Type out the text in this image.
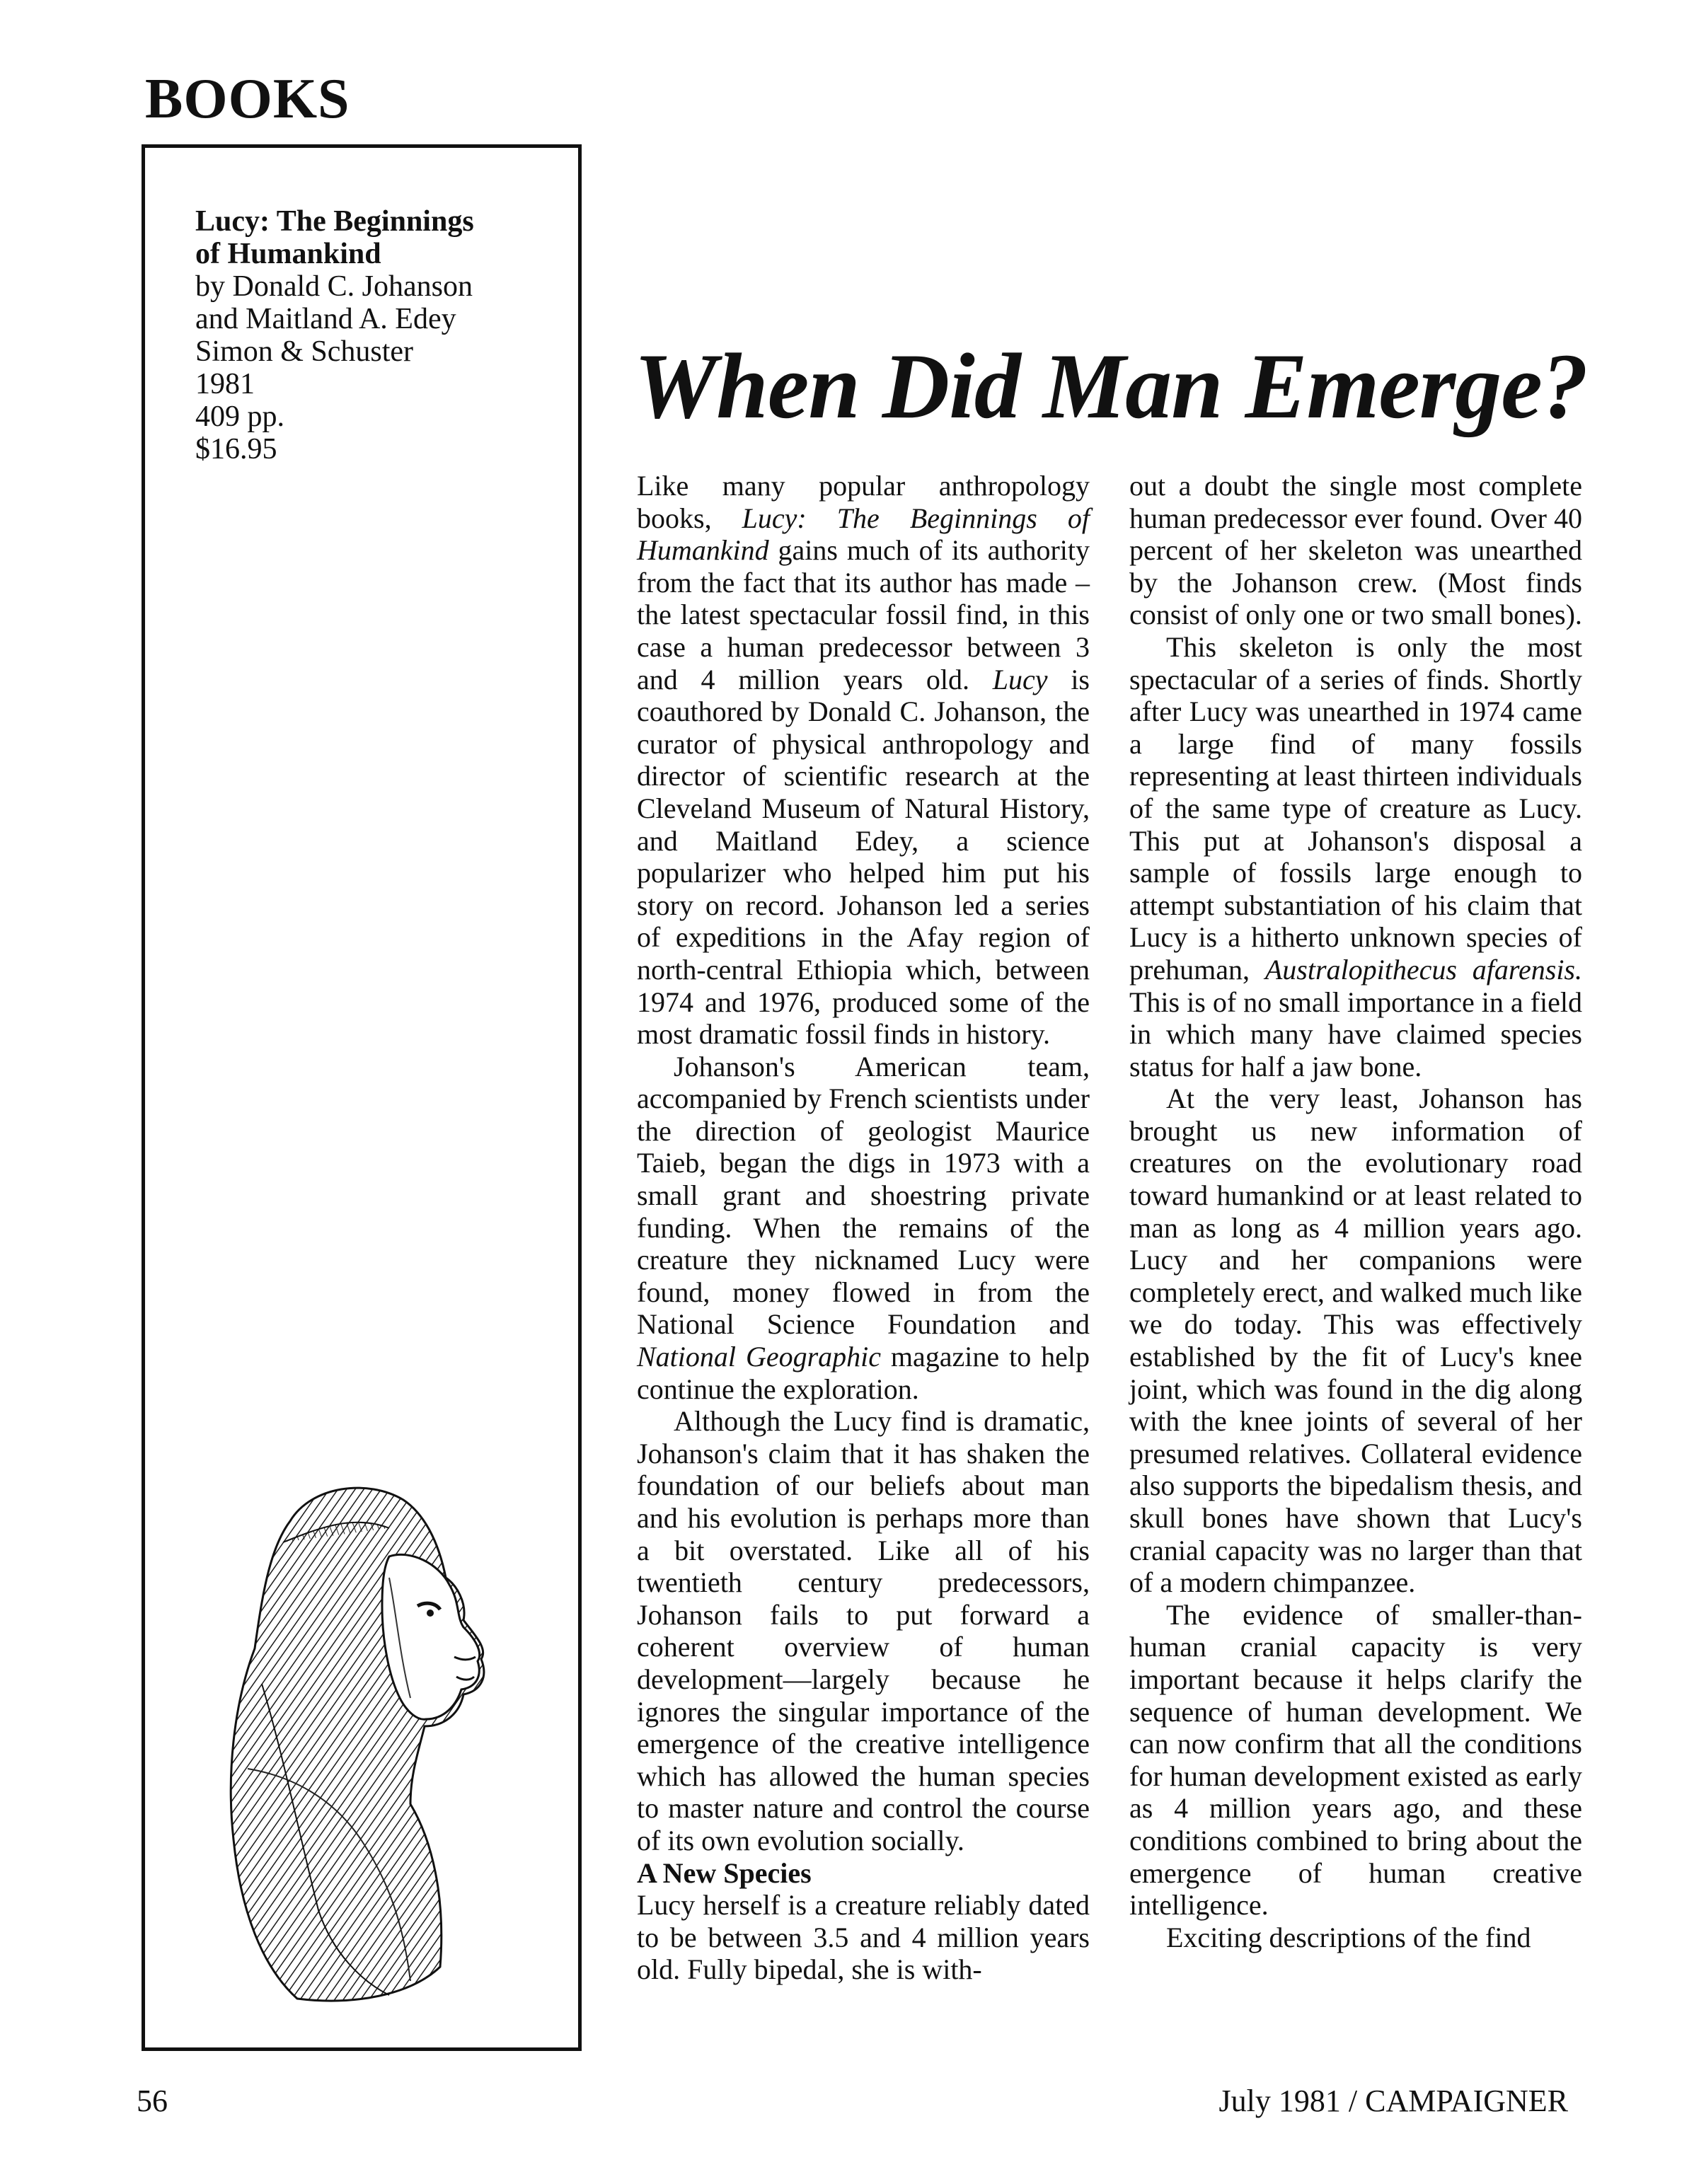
BOOKS
Lucy: The Beginnings
of Humankind
by Donald C. Johanson
and Maitland A. Edey
Simon & Schuster
1981
409 pp.
$16.95
When Did Man Emerge?

Like many popular anthropology books, Lucy: The Beginnings of Humankind gains much of its authority from the fact that its author has made – the latest spectacular fossil find, in this case a human predecessor between 3 and 4 million years old. Lucy is coauthored by Donald C. Johanson, the curator of physical anthropology and director of scientific research at the Cleveland Museum of Natural History, and Maitland Edey, a science popularizer who helped him put his story on record. Johanson led a series of expeditions in the Afay region of north-central Ethiopia which, between 1974 and 1976, produced some of the most dramatic fossil finds in history.

Johanson's American team, accompanied by French scientists under the direction of geologist Maurice Taieb, began the digs in 1973 with a small grant and shoestring private funding. When the remains of the creature they nicknamed Lucy were found, money flowed in from the National Science Foundation and National Geographic magazine to help continue the exploration.

Although the Lucy find is dramatic, Johanson's claim that it has shaken the foundation of our beliefs about man and his evolution is perhaps more than a bit overstated. Like all of his twentieth century predecessors, Johanson fails to put forward a coherent overview of human development—largely because he ignores the singular importance of the emergence of the creative intelligence which has allowed the human species to master nature and control the course of its own evolution socially.

A New Species

Lucy herself is a creature reliably dated to be between 3.5 and 4 million years old. Fully bipedal, she is with-

out a doubt the single most complete human predecessor ever found. Over 40 percent of her skeleton was unearthed by the Johanson crew. (Most finds consist of only one or two small bones).

This skeleton is only the most spectacular of a series of finds. Shortly after Lucy was unearthed in 1974 came a large find of many fossils representing at least thirteen individuals of the same type of creature as Lucy. This put at Johanson's disposal a sample of fossils large enough to attempt substantiation of his claim that Lucy is a hitherto unknown species of prehuman, Australopithecus afarensis. This is of no small importance in a field in which many have claimed species status for half a jaw bone.

At the very least, Johanson has brought us new information of creatures on the evolutionary road toward humankind or at least related to man as long as 4 million years ago. Lucy and her companions were completely erect, and walked much like we do today. This was effectively established by the fit of Lucy's knee joint, which was found in the dig along with the knee joints of several of her presumed relatives. Collateral evidence also supports the bipedalism thesis, and skull bones have shown that Lucy's cranial capacity was no larger than that of a modern chimpanzee.

The evidence of smaller-than-human cranial capacity is very important because it helps clarify the sequence of human development. We can now confirm that all the conditions for human development existed as early as 4 million years ago, and these conditions combined to bring about the emergence of human creative intelligence.

Exciting descriptions of the find

56	July 1981 / CAMPAIGNER
